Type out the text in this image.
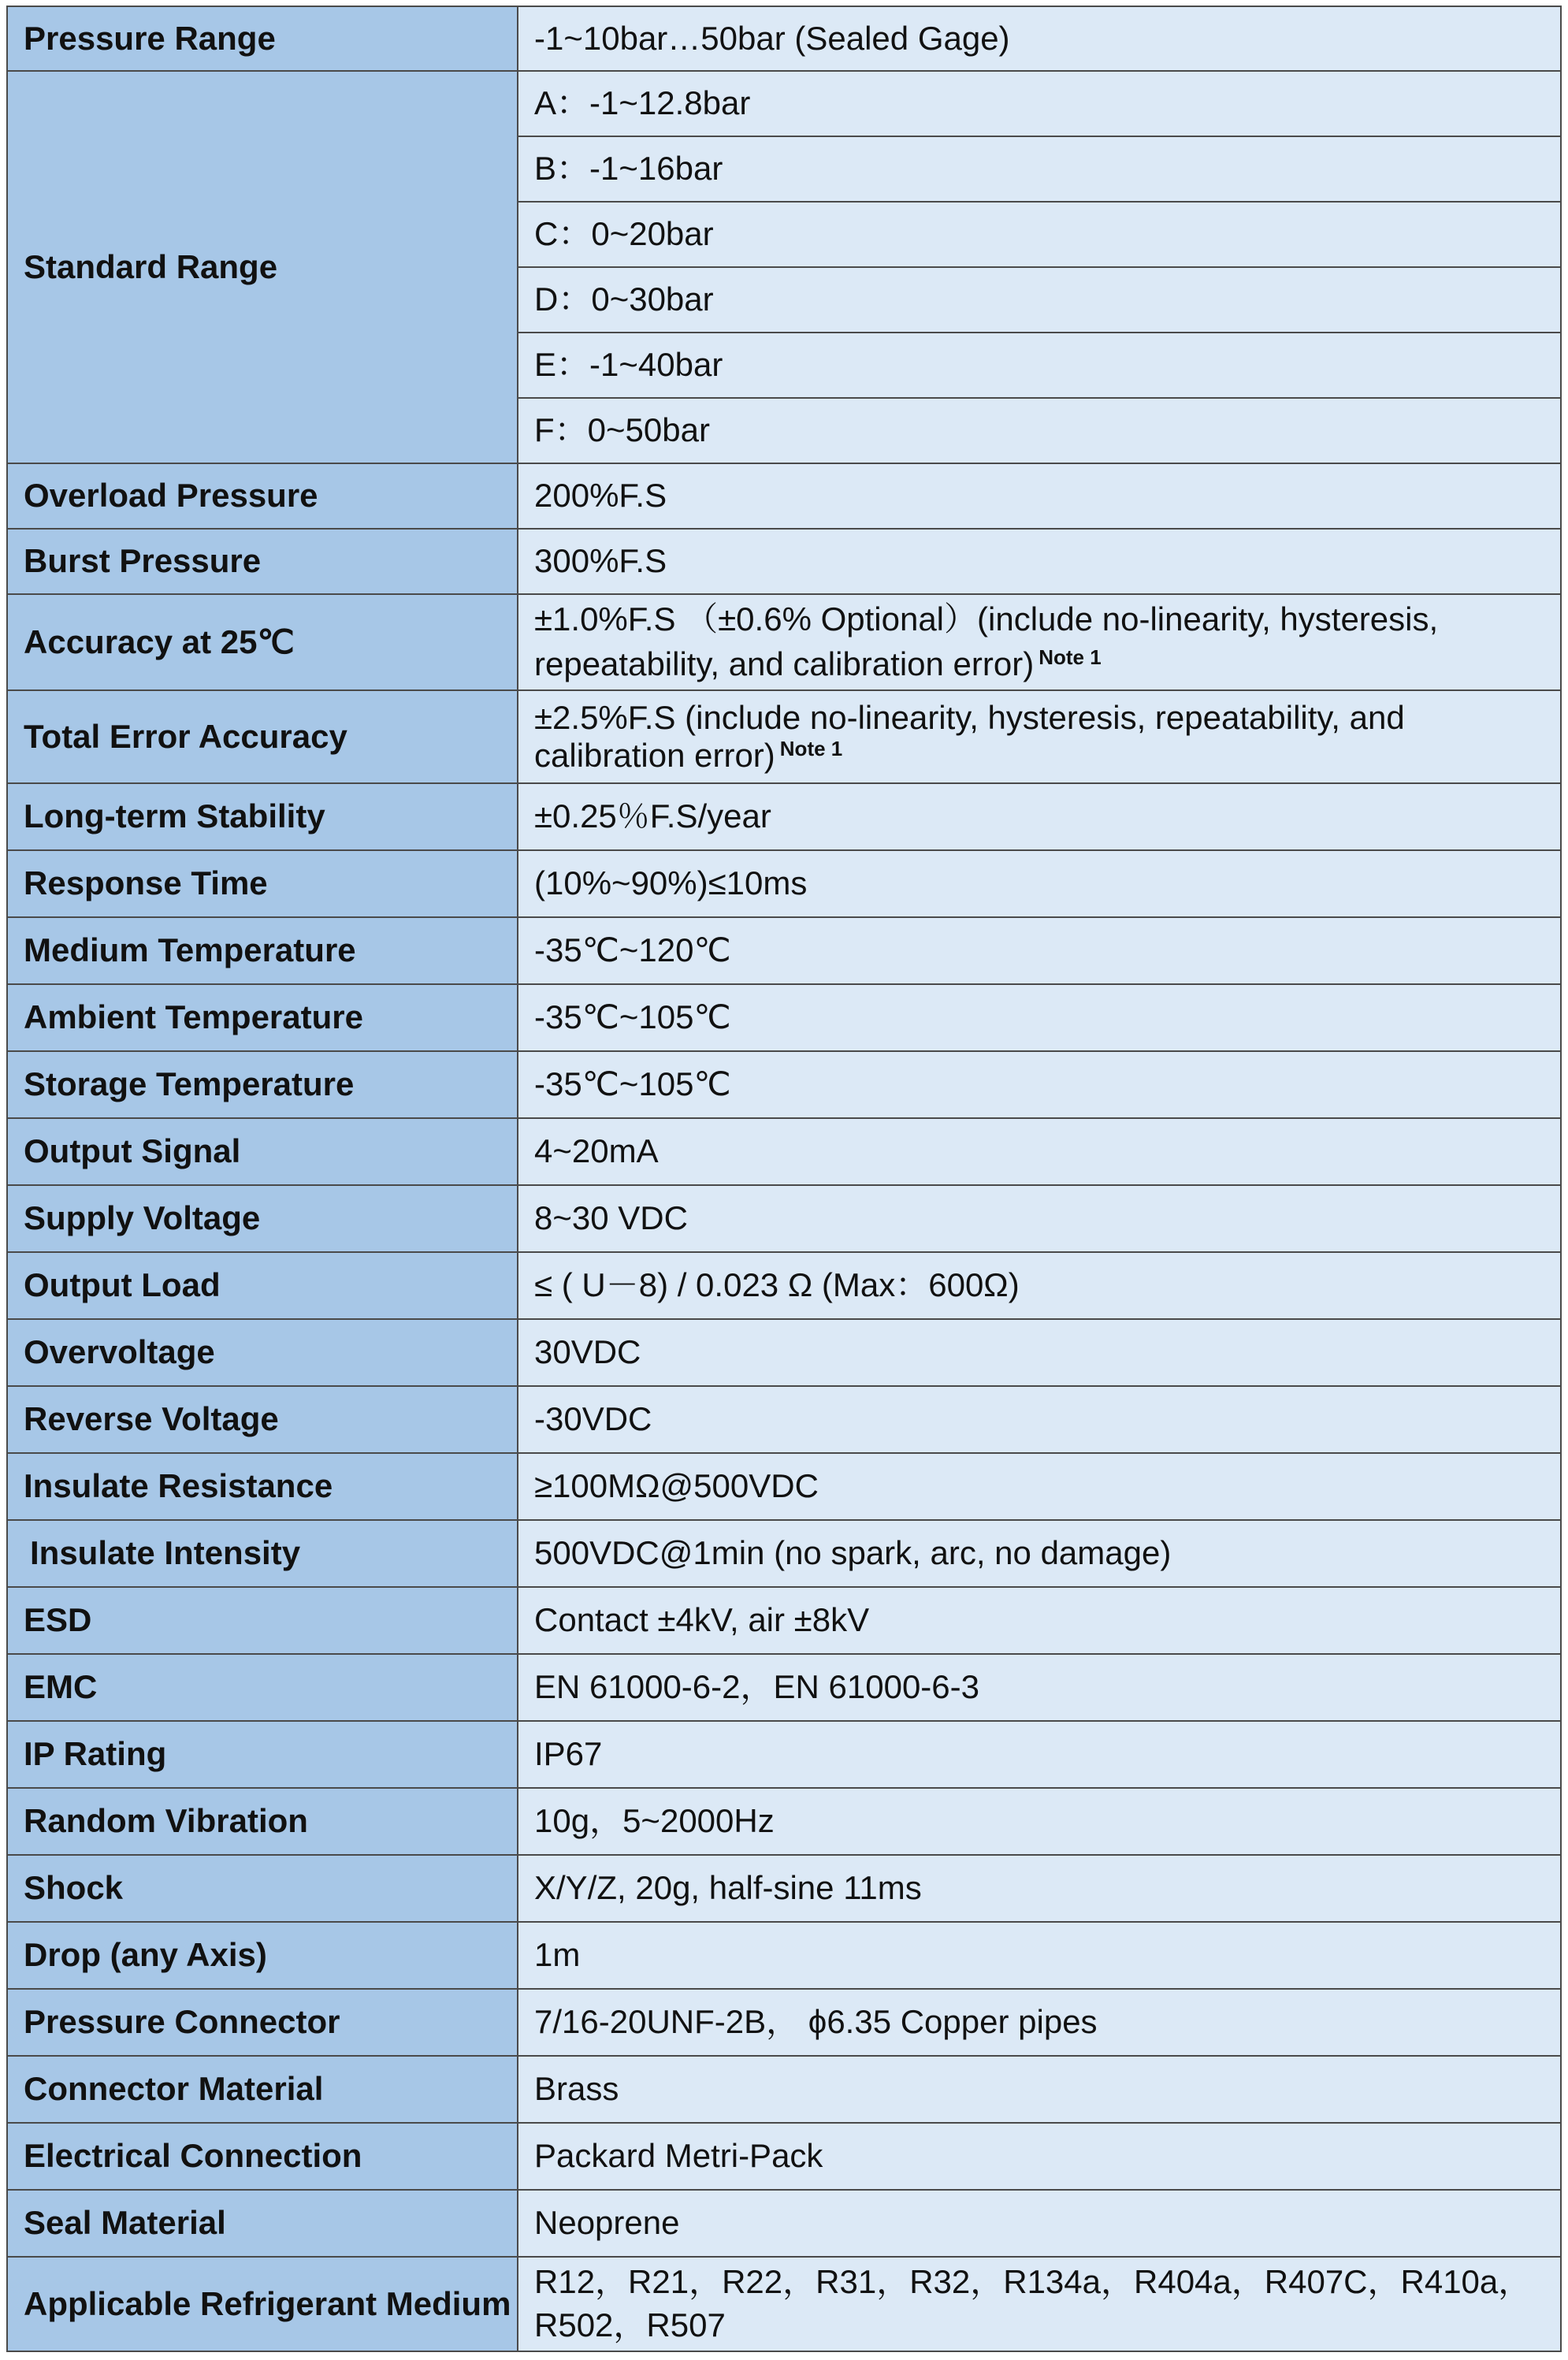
Pressure Range	-1~10bar…50bar (Sealed Gage)
Standard Range	A：-1~12.8bar
	B：-1~16bar
	C：0~20bar
	D：0~30bar
	E：-1~40bar
	F：0~50bar
Overload Pressure	200%F.S
Burst Pressure	300%F.S
Accuracy at 25℃	±1.0%F.S （±0.6% Optional）(include no-linearity, hysteresis, repeatability, and calibration error) $^{Note 1}$
Total Error Accuracy	±2.5%F.S (include no-linearity, hysteresis, repeatability, and calibration error) $^{Note 1}$
Long-term Stability	±0.25％F.S/year
Response Time	(10%~90%)≤10ms
Medium Temperature	-35℃~120℃
Ambient Temperature	-35℃~105℃
Storage Temperature	-35℃~105℃
Output Signal	4~20mA
Supply Voltage	8~30 VDC
Output Load	≤ ( U－8) / 0.023 Ω (Max：600Ω)
Overvoltage	30VDC
Reverse Voltage	-30VDC
Insulate Resistance	≥100MΩ@500VDC
Insulate Intensity	500VDC@1min (no spark, arc, no damage)
ESD	Contact ±4kV, air ±8kV
EMC	EN 61000-6-2，EN 61000-6-3
IP Rating	IP67
Random Vibration	10g，5~2000Hz
Shock	X/Y/Z, 20g, half-sine 11ms
Drop (any Axis)	1m
Pressure Connector	7/16-20UNF-2B， ϕ6.35 Copper pipes
Connector Material	Brass
Electrical Connection	Packard Metri-Pack
Seal Material	Neoprene
Applicable Refrigerant Medium	R12，R21，R22，R31，R32，R134a，R404a，R407C，R410a，R502，R507
